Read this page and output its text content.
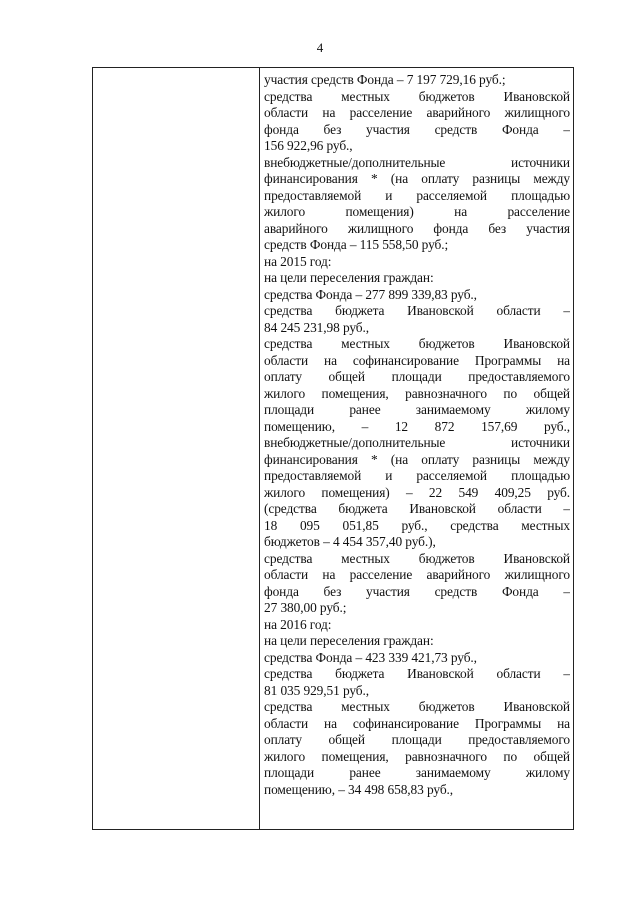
4

участия средств Фонда – 7 197 729,16 руб.;
средства местных бюджетов Ивановской
области на расселение аварийного жилищного
фонда без участия средств Фонда –
156 922,96 руб.,
внебюджетные/дополнительные источники
финансирования * (на оплату разницы между
предоставляемой и расселяемой площадью
жилого помещения) на расселение
аварийного жилищного фонда без участия
средств Фонда – 115 558,50 руб.;
на 2015 год:
на цели переселения граждан:
средства Фонда – 277 899 339,83 руб.,
средства бюджета Ивановской области –
84 245 231,98 руб.,
средства местных бюджетов Ивановской
области на софинансирование Программы на
оплату общей площади предоставляемого
жилого помещения, равнозначного по общей
площади ранее занимаемому жилому
помещению, – 12 872 157,69 руб.,
внебюджетные/дополнительные источники
финансирования * (на оплату разницы между
предоставляемой и расселяемой площадью
жилого помещения) – 22 549 409,25 руб.
(средства бюджета Ивановской области –
18 095 051,85 руб., средства местных
бюджетов – 4 454 357,40 руб.),
средства местных бюджетов Ивановской
области на расселение аварийного жилищного
фонда без участия средств Фонда –
27 380,00 руб.;
на 2016 год:
на цели переселения граждан:
средства Фонда – 423 339 421,73 руб.,
средства бюджета Ивановской области –
81 035 929,51 руб.,
средства местных бюджетов Ивановской
области на софинансирование Программы на
оплату общей площади предоставляемого
жилого помещения, равнозначного по общей
площади ранее занимаемому жилому
помещению, – 34 498 658,83 руб.,
